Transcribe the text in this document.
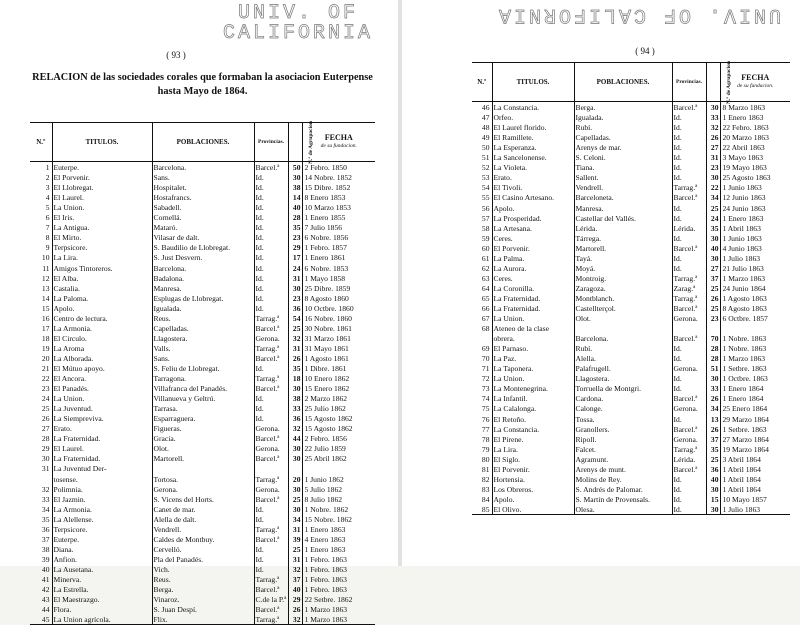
UNIV. OF CALIFORNIA
( 93 )
RELACION de las sociedades corales que formaban la asociacion Euterpense hasta Mayo de 1864.
N.º	TITULOS.	POBLACIONES.	Provincias.	N.º de Agrupacion	FECHA
de su fundacion.

1	Euterpe.	Barcelona.	Barcel.ª	50	2 Febro. 1850
2	El Porvenir.	Sans.	Id.	30	14 Nobre. 1852
3	El Llobregat.	Hospitalet.	Id.	38	15 Dibre. 1852
4	El Laurel.	Hostafrancs.	Id.	14	8 Enero 1853
5	La Union.	Sabadell.	Id.	40	10 Marzo 1853
6	El Iris.	Cornellá.	Id.	28	1 Enero 1855
7	La Antigua.	Mataró.	Id.	35	7 Julio 1856
8	El Mirto.	Vilasar de dalt.	Id.	23	6 Nobre. 1856
9	Terpsicore.	S. Baudilio de Llobregat.	Id.	29	1 Febro. 1857
10	La Lira.	S. Just Desvern.	Id.	17	1 Enero 1861
11	Amigos Tintoreros.	Barcelona.	Id.	24	6 Nobre. 1853
12	El Alba.	Badalona.	Id.	31	1 Mayo 1858
13	Castalia.	Manresa.	Id.	30	25 Dibre. 1859
14	La Paloma.	Esplugas de Llobregat.	Id.	23	8 Agosto 1860
15	Apolo.	Igualada.	Id.	36	10 Octbre. 1860
16	Centro de lectura.	Reus.	Tarrag.ª	54	16 Nobre. 1860
17	La Armonia.	Capelladas.	Barcel.ª	25	30 Nobre. 1861
18	El Circulo.	Llagostera.	Gerona.	32	31 Marzo 1861
19	La Aroma	Valls.	Tarrag.ª	31	31 Mayo 1861
20	La Alborada.	Sans.	Barcel.ª	26	1 Agosto 1861
21	El Mútuo apoyo.	S. Feliu de Llobregat.	Id.	35	1 Dibre. 1861
22	El Ancora.	Tarragona.	Tarrag.ª	18	10 Enero 1862
23	El Panadés.	Villafranca del Panadés.	Barcel.ª	30	15 Enero 1862
24	La Union.	Villanueva y Geltrú.	Id.	38	2 Marzo 1862
25	La Juventud.	Tarrasa.	Id.	33	25 Julio 1862
26	La Siempreviva.	Esparraguera.	Id.	36	15 Agosto 1862
27	Erato.	Figueras.	Gerona.	32	15 Agosto 1862
28	La Fraternidad.	Gracia.	Barcel.ª	44	2 Febro. 1856
29	El Laurel.	Olot.	Gerona.	30	22 Julio 1859
30	La Fraternidad.	Martorell.	Barcel.ª	30	25 Abril 1862
31	La Juventud Der-				
	tosense.	Tortosa.	Tarrag.ª	20	1 Junio 1862
32	Polimnia.	Gerona.	Gerona.	30	5 Julio 1862
33	El Jazmin.	S. Vicens del Horts.	Barcel.ª	25	8 Julio 1862
34	La Armonia.	Canet de mar.	Id.	30	1 Nobre. 1862
35	La Alellense.	Alella de dalt.	Id.	34	15 Nobre. 1862
36	Terpsicore.	Vendrell.	Tarrag.ª	31	1 Enero 1863
37	Euterpe.	Caldes de Montbuy.	Barcel.ª	39	4 Enero 1863
38	Diana.	Cervelló.	Id.	25	1 Enero 1863
39	Anfion.	Pla del Panadés.	Id.	31	1 Febro. 1863
40	La Ausetana.	Vich.	Id.	32	1 Febro. 1863
41	Minerva.	Reus.	Tarrag.ª	37	1 Febro. 1863
42	La Estrella.	Berga.	Barcel.ª	40	1 Febro. 1863
43	El Maestrazgo.	Vinaroz.	C.de la P.ª	29	22 Setbre. 1862
44	Flora.	S. Juan Despí.	Barcel.ª	26	1 Marzo 1863
45	La Union agrícola.	Flix.	Tarrag.ª	32	1 Marzo 1863
UNIV. OF CALIFORNIA
( 94 )
N.º	TITULOS.	POBLACIONES.	Provincias.	N.º de Agrupacion	FECHA
de su fundacion.

46	La Constancia.	Berga.	Barcel.ª	30	8 Marzo 1863
47	Orfeo.	Igualada.	Id.	33	1 Enero 1863
48	El Laurel florido.	Rubí.	Id.	32	22 Febro. 1863
49	El Ramillete.	Capelladas.	Id.	26	20 Marzo 1863
50	La Esperanza.	Arenys de mar.	Id.	27	22 Abril 1863
51	La Sancelonense.	S. Celoni.	Id.	31	3 Mayo 1863
52	La Violeta.	Tiana.	Id.	23	19 Mayo 1863
53	Erato.	Sallent.	Id.	30	25 Agosto 1863
54	El Tivoli.	Vendrell.	Tarrag.ª	22	1 Junio 1863
55	El Casino Artesano.	Barceloneta.	Barcel.ª	34	12 Junio 1863
56	Apolo.	Manresa.	Id.	25	24 Junio 1863
57	La Prosperidad.	Castellar del Vallés.	Id.	24	1 Enero 1863
58	La Artesana.	Lérida.	Lérida.	35	1 Abril 1863
59	Ceres.	Tárrega.	Id.	30	1 Junio 1863
60	El Porvenir.	Martorell.	Barcel.ª	40	4 Junio 1863
61	La Palma.	Tayá.	Id.	30	1 Julio 1863
62	La Aurora.	Moyá.	Id.	27	21 Julio 1863
63	Ceres.	Montroig.	Tarrag.ª	37	1 Marzo 1863
64	La Coronilla.	Zaragoza.	Zarag.ª	25	24 Junio 1864
65	La Fraternidad.	Montblanch.	Tarrag.ª	26	1 Agosto 1863
66	La Fraternidad.	Castellterçol.	Barcel.ª	25	8 Agosto 1863
67	La Union.	Olot.	Gerona.	23	6 Octbre. 1857
68	Ateneo de la clase				
	obrera.	Barcelona.	Barcel.ª	70	1 Nobre. 1863
69	El Parnaso.	Rubí.	Id.	28	1 Nobre. 1863
70	La Paz.	Alella.	Id.	28	1 Marzo 1863
71	La Taponera.	Palafrugell.	Gerona.	51	1 Setbre. 1863
72	La Union.	Llagostera.	Id.	30	1 Octbre. 1863
73	La Montenegrina.	Torruella de Montgri.	Id.	33	1 Enero 1864
74	La Infantil.	Cardona.	Barcel.ª	26	1 Enero 1864
75	La Calalonga.	Calonge.	Gerona.	34	25 Enero 1864
76	El Retoño.	Tossa.	Id.	13	29 Marzo 1864
77	La Constancia.	Granollers.	Barcel.ª	26	1 Setbre. 1863
78	El Pirene.	Ripoll.	Gerona.	37	27 Marzo 1864
79	La Lira.	Falcet.	Tarrag.ª	35	19 Marzo 1864
80	El Siglo.	Agramunt.	Lérida.	25	3 Abril 1864
81	El Porvenir.	Arenys de munt.	Barcel.ª	36	1 Abril 1864
82	Hortensia.	Molins de Rey.	Id.	40	1 Abril 1864
83	Los Obreros.	S. Andrés de Palomar.	Id.	30	1 Abril 1864
84	Apolo.	S. Martin de Provensals.	Id.	15	10 Mayo 1857
85	El Olivo.	Olesa.	Id.	30	1 Julio 1863
